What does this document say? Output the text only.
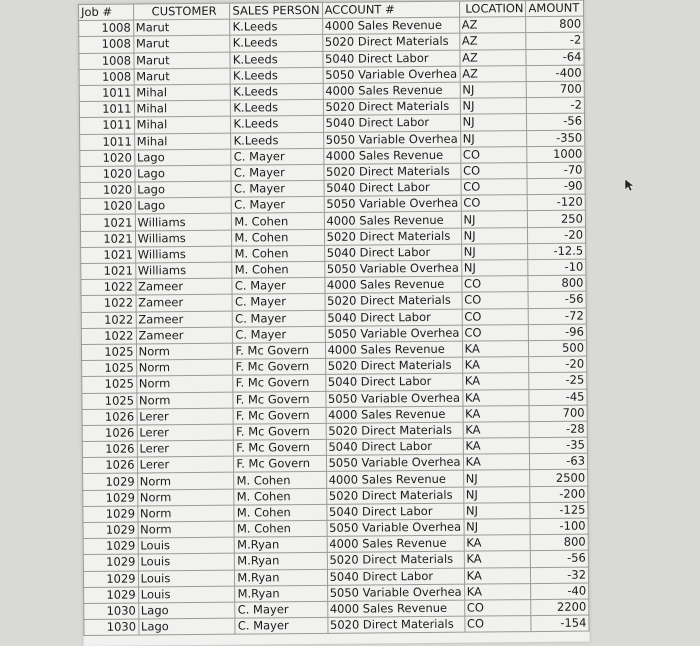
Job #	CUSTOMER	SALES PERSON	ACCOUNT #	LOCATION	AMOUNT
1008	Marut	K.Leeds	4000 Sales Revenue	AZ	800
1008	Marut	K.Leeds	5020 Direct Materials	AZ	-2
1008	Marut	K.Leeds	5040 Direct Labor	AZ	-64
1008	Marut	K.Leeds	5050 Variable Overhea	AZ	-400
1011	Mihal	K.Leeds	4000 Sales Revenue	NJ	700
1011	Mihal	K.Leeds	5020 Direct Materials	NJ	-2
1011	Mihal	K.Leeds	5040 Direct Labor	NJ	-56
1011	Mihal	K.Leeds	5050 Variable Overhea	NJ	-350
1020	Lago	C. Mayer	4000 Sales Revenue	CO	1000
1020	Lago	C. Mayer	5020 Direct Materials	CO	-70
1020	Lago	C. Mayer	5040 Direct Labor	CO	-90
1020	Lago	C. Mayer	5050 Variable Overhea	CO	-120
1021	Williams	M. Cohen	4000 Sales Revenue	NJ	250
1021	Williams	M. Cohen	5020 Direct Materials	NJ	-20
1021	Williams	M. Cohen	5040 Direct Labor	NJ	-12.5
1021	Williams	M. Cohen	5050 Variable Overhea	NJ	-10
1022	Zameer	C. Mayer	4000 Sales Revenue	CO	800
1022	Zameer	C. Mayer	5020 Direct Materials	CO	-56
1022	Zameer	C. Mayer	5040 Direct Labor	CO	-72
1022	Zameer	C. Mayer	5050 Variable Overhea	CO	-96
1025	Norm	F. Mc Govern	4000 Sales Revenue	KA	500
1025	Norm	F. Mc Govern	5020 Direct Materials	KA	-20
1025	Norm	F. Mc Govern	5040 Direct Labor	KA	-25
1025	Norm	F. Mc Govern	5050 Variable Overhea	KA	-45
1026	Lerer	F. Mc Govern	4000 Sales Revenue	KA	700
1026	Lerer	F. Mc Govern	5020 Direct Materials	KA	-28
1026	Lerer	F. Mc Govern	5040 Direct Labor	KA	-35
1026	Lerer	F. Mc Govern	5050 Variable Overhea	KA	-63
1029	Norm	M. Cohen	4000 Sales Revenue	NJ	2500
1029	Norm	M. Cohen	5020 Direct Materials	NJ	-200
1029	Norm	M. Cohen	5040 Direct Labor	NJ	-125
1029	Norm	M. Cohen	5050 Variable Overhea	NJ	-100
1029	Louis	M.Ryan	4000 Sales Revenue	KA	800
1029	Louis	M.Ryan	5020 Direct Materials	KA	-56
1029	Louis	M.Ryan	5040 Direct Labor	KA	-32
1029	Louis	M.Ryan	5050 Variable Overhea	KA	-40
1030	Lago	C. Mayer	4000 Sales Revenue	CO	2200
1030	Lago	C. Mayer	5020 Direct Materials	CO	-154
